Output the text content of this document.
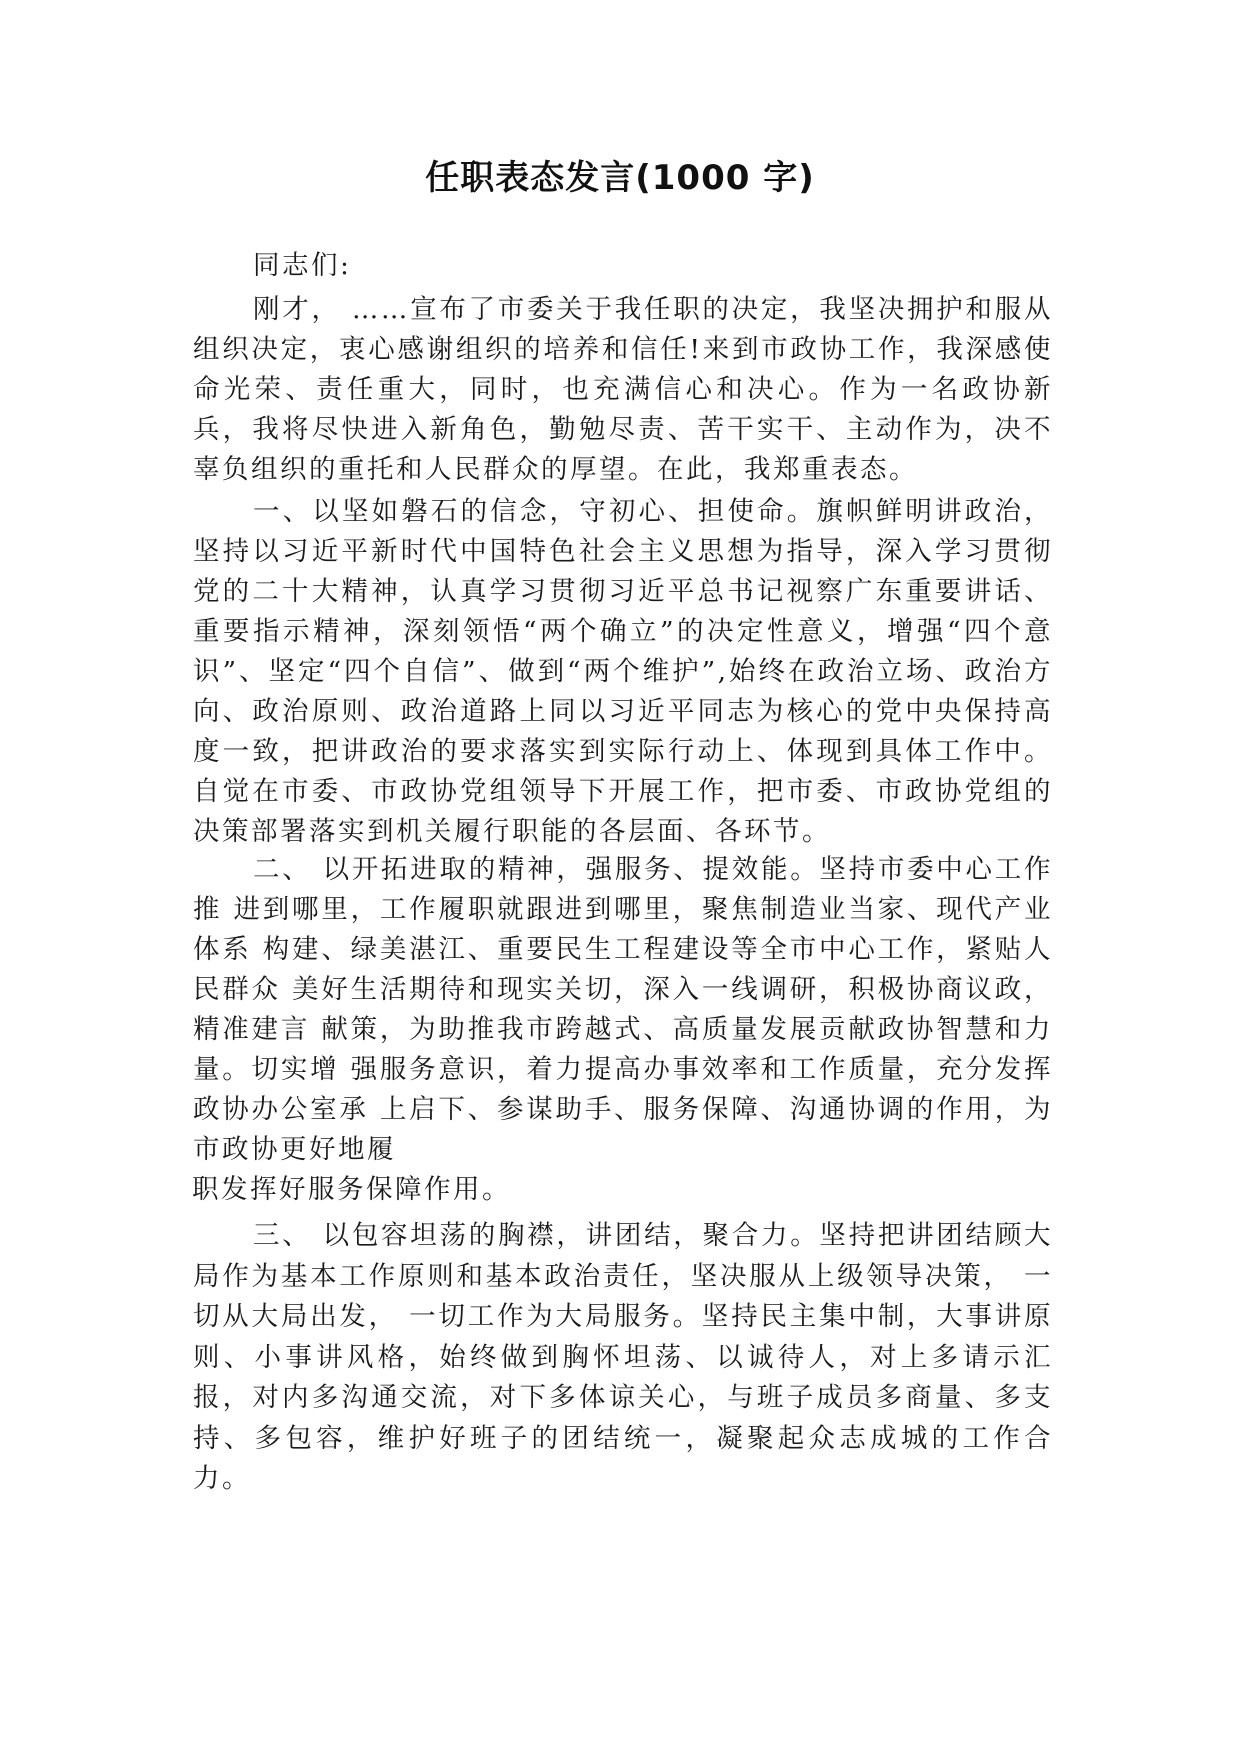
任职表态发言(1000 字)

同志们:

刚才， ……宣布了市委关于我任职的决定，我坚决拥护和服从组织决定，衷心感谢组织的培养和信任!来到市政协工作，我深感使命光荣、责任重大，同时，也充满信心和决心。作为一名政协新兵，我将尽快进入新角色，勤勉尽责、苦干实干、主动作为，决不辜负组织的重托和人民群众的厚望。在此，我郑重表态。

一、以坚如磐石的信念，守初心、担使命。旗帜鲜明讲政治，坚持以习近平新时代中国特色社会主义思想为指导，深入学习贯彻党的二十大精神，认真学习贯彻习近平总书记视察广东重要讲话、重要指示精神，深刻领悟“两个确立”的决定性意义，增强“四个意识”、坚定“四个自信”、做到“两个维护”,始终在政治立场、政治方向、政治原则、政治道路上同以习近平同志为核心的党中央保持高度一致，把讲政治的要求落实到实际行动上、体现到具体工作中。自觉在市委、市政协党组领导下开展工作，把市委、市政协党组的决策部署落实到机关履行职能的各层面、各环节。

二、 以开拓进取的精神，强服务、提效能。坚持市委中心工作推 进到哪里，工作履职就跟进到哪里，聚焦制造业当家、现代产业体系 构建、绿美湛江、重要民生工程建设等全市中心工作，紧贴人民群众 美好生活期待和现实关切，深入一线调研，积极协商议政，精准建言 献策，为助推我市跨越式、高质量发展贡献政协智慧和力量。切实增 强服务意识，着力提高办事效率和工作质量，充分发挥政协办公室承 上启下、参谋助手、服务保障、沟通协调的作用，为市政协更好地履

职发挥好服务保障作用。

三、 以包容坦荡的胸襟，讲团结，聚合力。坚持把讲团结顾大局作为基本工作原则和基本政治责任，坚决服从上级领导决策， 一切从大局出发， 一切工作为大局服务。坚持民主集中制，大事讲原则、小事讲风格，始终做到胸怀坦荡、以诚待人，对上多请示汇报，对内多沟通交流，对下多体谅关心，与班子成员多商量、多支持、多包容，维护好班子的团结统一，凝聚起众志成城的工作合力。
